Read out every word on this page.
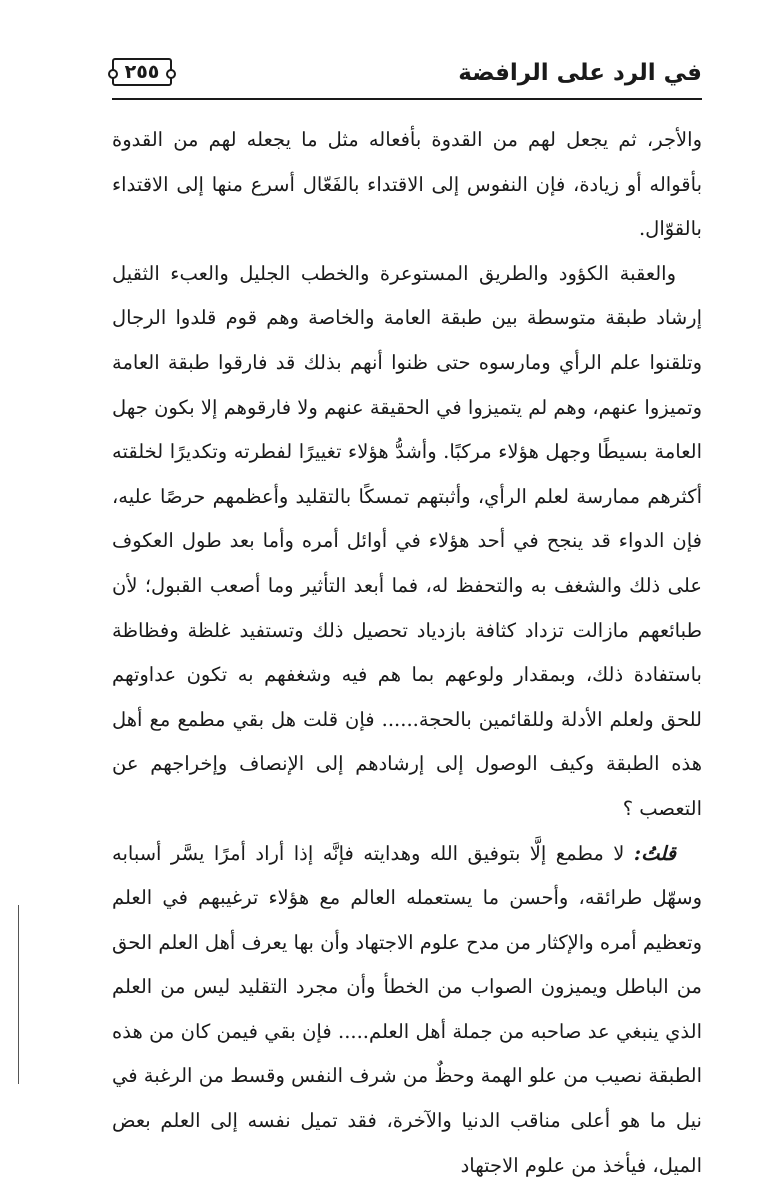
في الرد على الرافضة
٢٥٥

والأجر، ثم يجعل لهم من القدوة بأفعاله مثل ما يجعله لهم من القدوة بأقواله أو زيادة، فإن النفوس إلى الاقتداء بالفَعّال أسرع منها إلى الاقتداء بالقوّال.

والعقبة الكؤود والطريق المستوعرة والخطب الجليل والعبء الثقيل إرشاد طبقة متوسطة بين طبقة العامة والخاصة وهم قوم قلدوا الرجال وتلقنوا علم الرأي ومارسوه حتى ظنوا أنهم بذلك قد فارقوا طبقة العامة وتميزوا عنهم، وهم لم يتميزوا في الحقيقة عنهم ولا فارقوهم إلا بكون جهل العامة بسيطًا وجهل هؤلاء مركبًا. وأشدُّ هؤلاء تغييرًا لفطرته وتكديرًا لخلقته أكثرهم ممارسة لعلم الرأي، وأثبتهم تمسكًا بالتقليد وأعظمهم حرصًا عليه، فإن الدواء قد ينجح في أحد هؤلاء في أوائل أمره وأما بعد طول العكوف على ذلك والشغف به والتحفظ له، فما أبعد التأثير وما أصعب القبول؛ لأن طبائعهم مازالت تزداد كثافة بازدياد تحصيل ذلك وتستفيد غلظة وفظاظة باستفادة ذلك، وبمقدار ولوعهم بما هم فيه وشغفهم به تكون عداوتهم للحق ولعلم الأدلة وللقائمين بالحجة...... فإن قلت هل بقي مطمع مع أهل هذه الطبقة وكيف الوصول إلى إرشادهم إلى الإنصاف وإخراجهم عن التعصب ؟

قلتُ: لا مطمع إلَّا بتوفيق الله وهدايته فإنَّه إذا أراد أمرًا يسَّر أسبابه وسهّل طرائقه، وأحسن ما يستعمله العالم مع هؤلاء ترغيبهم في العلم وتعظيم أمره والإكثار من مدح علوم الاجتهاد وأن بها يعرف أهل العلم الحق من الباطل ويميزون الصواب من الخطأ وأن مجرد التقليد ليس من العلم الذي ينبغي عد صاحبه من جملة أهل العلم..... فإن بقي فيمن كان من هذه الطبقة نصيب من علو الهمة وحظٌ من شرف النفس وقسط من الرغبة في نيل ما هو أعلى مناقب الدنيا والآخرة، فقد تميل نفسه إلى العلم بعض الميل، فيأخذ من علوم الاجتهاد
